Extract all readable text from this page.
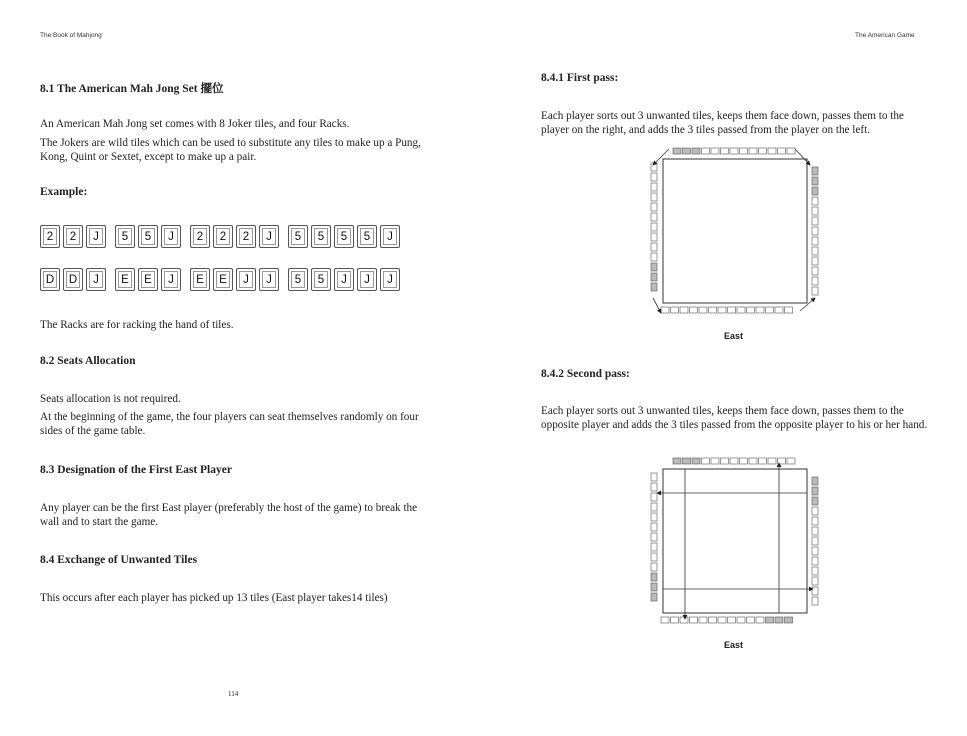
The Book of Mahjong	The American Game
8.1 The American Mah Jong Set 擺位

An American Mah Jong set comes with 8 Joker tiles, and four Racks.

The Jokers are wild tiles which can be used to substitute any tiles to make up a Pung, Kong, Quint or Sextet, except to make up a pair.

Example:
2	2	J	5	5	J	2	2	2	J	5	5	5	5	J
D	D	J	E	E	J	E	E	J	J	5	5	J	J	J

The Racks are for racking the hand of tiles.

8.2 Seats Allocation

Seats allocation is not required.

At the beginning of the game, the four players can seat themselves randomly on four sides of the game table.

8.3 Designation of the First East Player

Any player can be the first East player (preferably the host of the game) to break the wall and to start the game.

8.4 Exchange of Unwanted Tiles

This occurs after each player has picked up 13 tiles (East player takes14 tiles)

114
8.4.1 First pass:

Each player sorts out 3 unwanted tiles, keeps them face down, passes them to the player on the right, and adds the 3 tiles passed from the player on the left.

East
8.4.2 Second pass:

Each player sorts out 3 unwanted tiles, keeps them face down, passes them to the opposite player and adds the 3 tiles passed from the opposite player to his or her hand.

East
